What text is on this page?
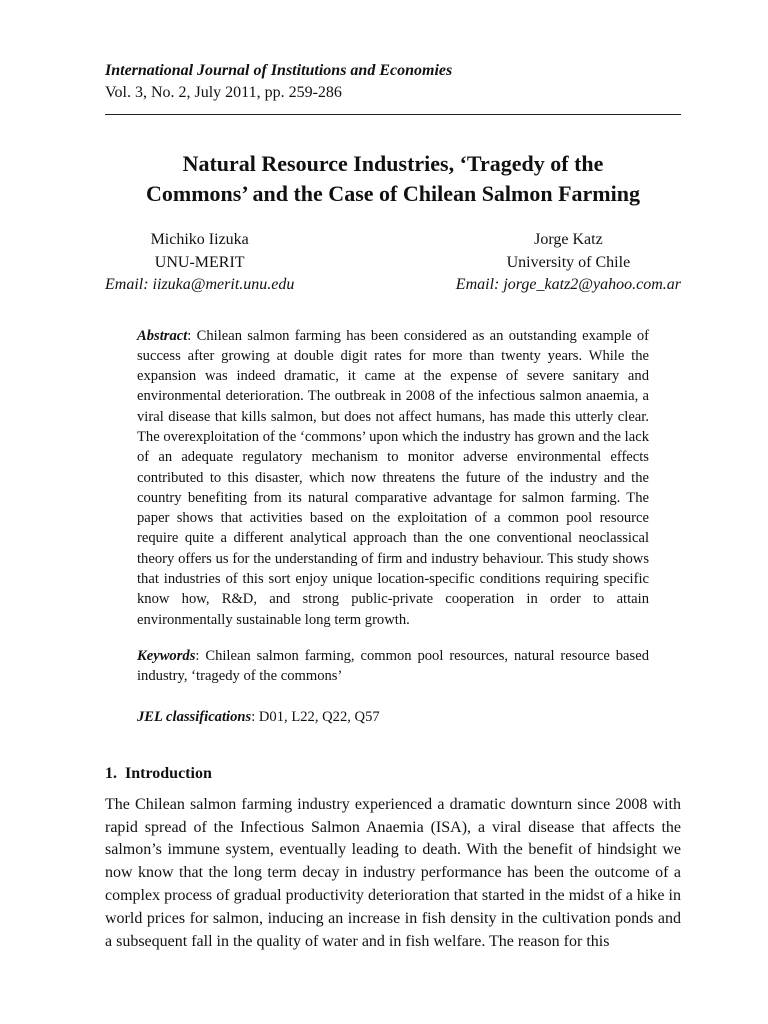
International Journal of Institutions and Economies

Vol. 3, No. 2, July 2011, pp. 259-286

Natural Resource Industries, ‘Tragedy of the
Commons’ and the Case of Chilean Salmon Farming
Michiko Iizuka
UNU-MERIT
Email: iizuka@merit.unu.edu
Jorge Katz
University of Chile
Email: jorge_katz2@yahoo.com.ar

Abstract: Chilean salmon farming has been considered as an outstanding example of success after growing at double digit rates for more than twenty years. While the expansion was indeed dramatic, it came at the expense of severe sanitary and environmental deterioration. The outbreak in 2008 of the infectious salmon anaemia, a viral disease that kills salmon, but does not affect humans, has made this utterly clear. The overexploitation of the ‘commons’ upon which the industry has grown and the lack of an adequate regulatory mechanism to monitor adverse environmental effects contributed to this disaster, which now threatens the future of the industry and the country benefiting from its natural comparative advantage for salmon farming. The paper shows that activities based on the exploitation of a common pool resource require quite a different analytical approach than the one conventional neoclassical theory offers us for the understanding of firm and industry behaviour. This study shows that industries of this sort enjoy unique location-specific conditions requiring specific know how, R&D, and strong public-private cooperation in order to attain environmentally sustainable long term growth.

Keywords: Chilean salmon farming, common pool resources, natural resource based industry, ‘tragedy of the commons’

JEL classifications: D01, L22, Q22, Q57

1. Introduction

The Chilean salmon farming industry experienced a dramatic downturn since 2008 with rapid spread of the Infectious Salmon Anaemia (ISA), a viral disease that affects the salmon’s immune system, eventually leading to death. With the benefit of hindsight we now know that the long term decay in industry performance has been the outcome of a complex process of gradual productivity deterioration that started in the midst of a hike in world prices for salmon, inducing an increase in fish density in the cultivation ponds and a subsequent fall in the quality of water and in fish welfare. The reason for this
